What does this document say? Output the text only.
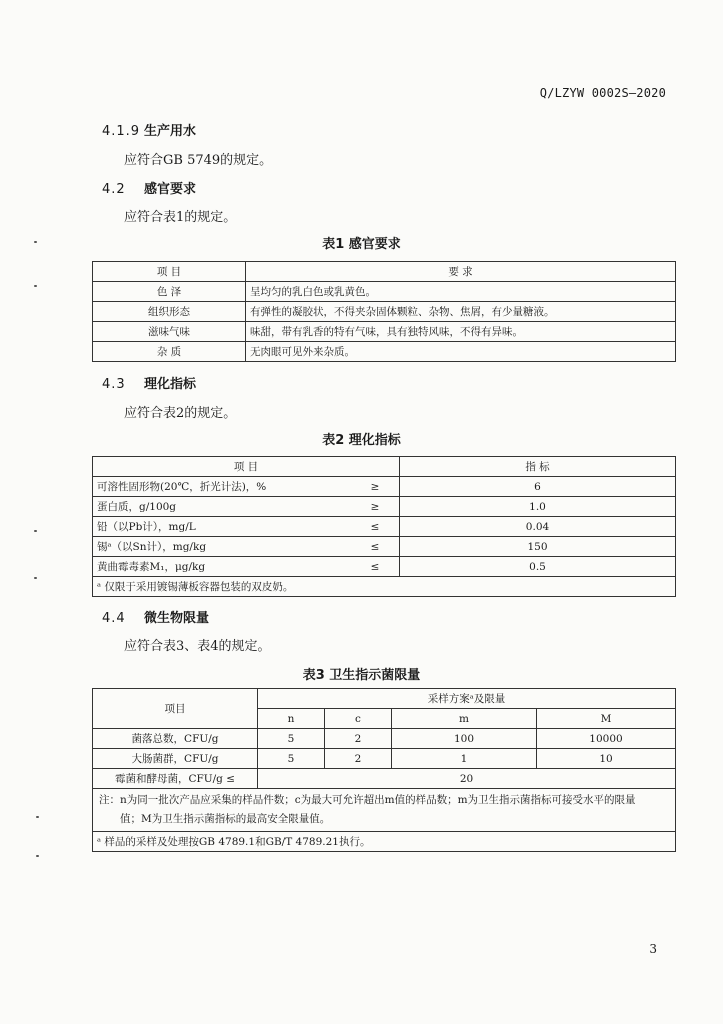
Q/LZYW 0002S—2020
4.1.9 生产用水
应符合GB 5749的规定。
4.2 感官要求
应符合表1的规定。
表1 感官要求
项 目	要 求
色 泽	呈均匀的乳白色或乳黄色。
组织形态	有弹性的凝胶状，不得夹杂固体颗粒、杂物、焦屑，有少量糖液。
滋味气味	味甜，带有乳香的特有气味，具有独特风味，不得有异味。
杂 质	无肉眼可见外来杂质。
4.3 理化指标
应符合表2的规定。
表2 理化指标
项 目		指 标
可溶性固形物(20℃，折光计法)，%	≥	6
蛋白质，g/100g	≥	1.0
铅（以Pb计），mg/L	≤	0.04
锡ᵃ（以Sn计），mg/kg	≤	150
黄曲霉毒素M₁，μg/kg	≤	0.5
ᵃ 仅限于采用镀锡薄板容器包装的双皮奶。		
4.4 微生物限量
应符合表3、表4的规定。
表3 卫生指示菌限量
项目	采样方案ᵃ及限量			
	n	c	m	M
菌落总数，CFU/g	5	2	100	10000
大肠菌群，CFU/g	5	2	1	10
霉菌和酵母菌，CFU/g ≤	20			

注：n为同一批次产品应采集的样品件数；c为最大可允许超出m值的样品数；m为卫生指示菌指标可接受水平的限量
值；M为卫生指示菌指标的最高安全限量值。				

ᵃ 样品的采样及处理按GB 4789.1和GB/T 4789.21执行。				
3
